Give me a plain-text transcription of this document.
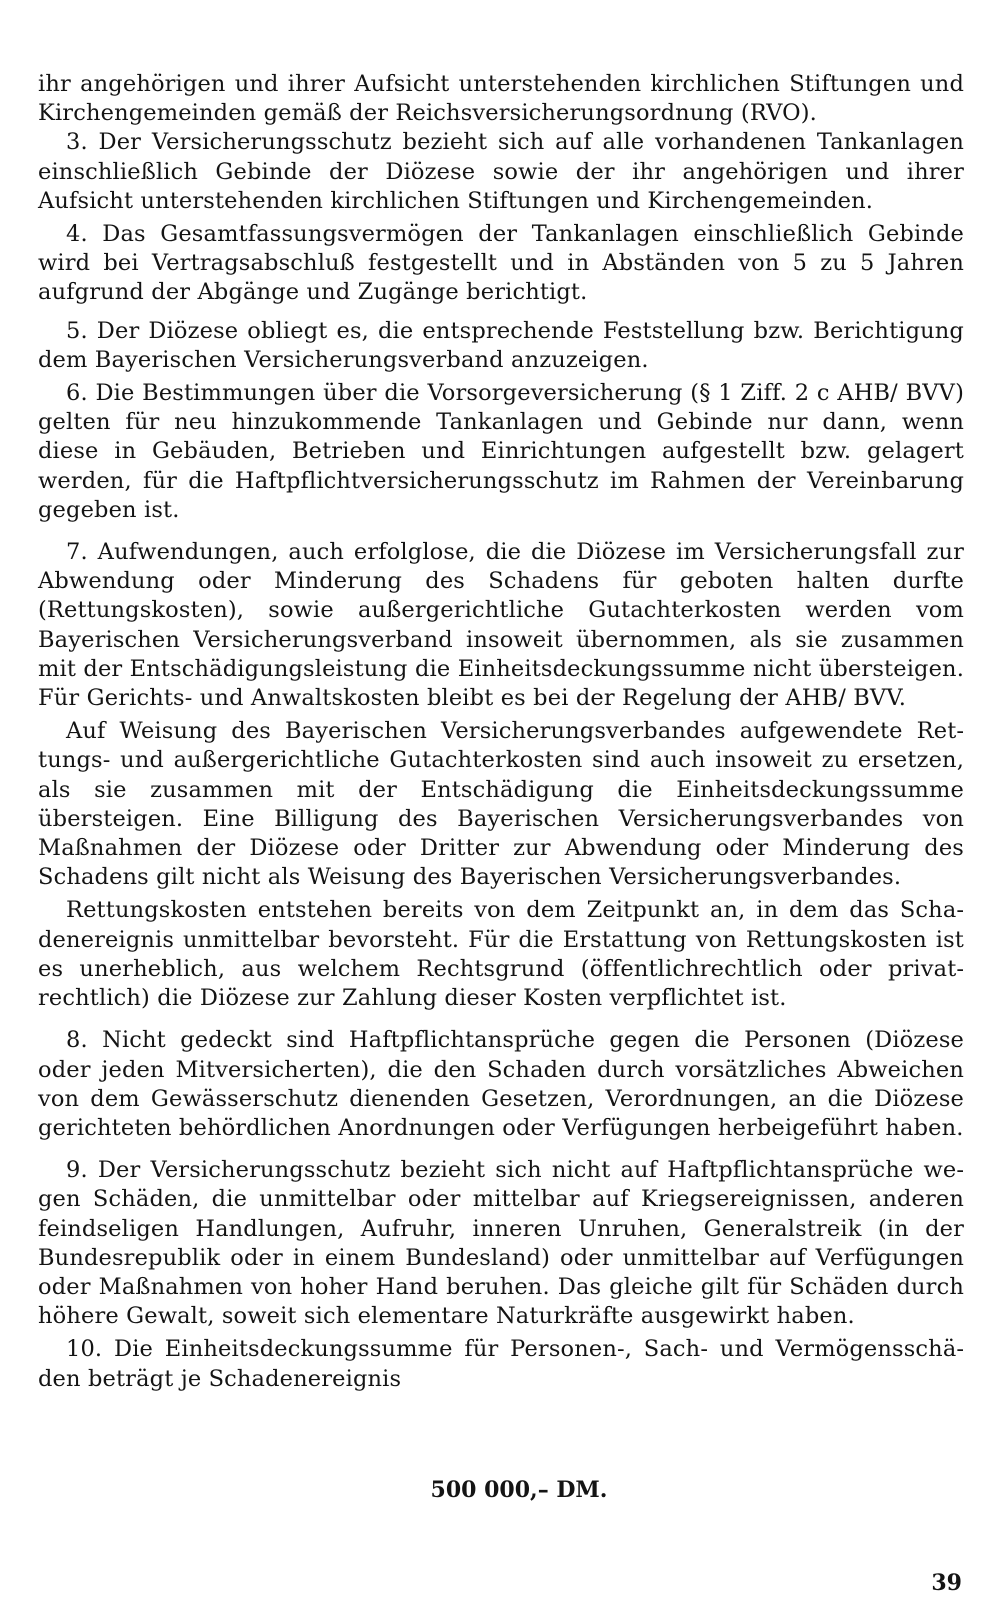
ihr angehörigen und ihrer Aufsicht unterstehenden kirchlichen Stiftungen und Kirchengemeinden gemäß der Reichsversicherungsordnung (RVO).

3. Der Versicherungsschutz bezieht sich auf alle vorhandenen Tankanlagen einschließlich Gebinde der Diözese sowie der ihr angehörigen und ihrer Aufsicht unterstehenden kirchlichen Stiftungen und Kirchengemeinden.

4. Das Gesamtfassungsvermögen der Tankanlagen einschließlich Gebinde wird bei Vertragsabschluß festgestellt und in Abständen von 5 zu 5 Jahren aufgrund der Abgänge und Zugänge berichtigt.

5. Der Diözese obliegt es, die entsprechende Feststellung bzw. Berichtigung dem Bayerischen Versicherungsverband anzuzeigen.

6. Die Bestimmungen über die Vorsorgeversicherung (§ 1 Ziff. 2 c AHB/ BVV) gelten für neu hinzukommende Tankanlagen und Gebinde nur dann, wenn diese in Gebäuden, Betrieben und Einrichtungen aufgestellt bzw. gelagert werden, für die Haftpflichtversicherungsschutz im Rahmen der Vereinbarung gegeben ist.

7. Aufwendungen, auch erfolglose, die die Diözese im Versicherungsfall zur Abwendung oder Minderung des Schadens für geboten halten durfte (Rettungskosten), sowie außergerichtliche Gutachterkosten werden vom Bayerischen Versicherungsverband insoweit übernommen, als sie zusammen mit der Entschädigungsleistung die Einheitsdeckungssumme nicht übersteigen. Für Gerichts- und Anwaltskosten bleibt es bei der Regelung der AHB/ BVV.

Auf Weisung des Bayerischen Versicherungsverbandes aufgewendete Rettungs- und außergerichtliche Gutachterkosten sind auch insoweit zu ersetzen, als sie zusammen mit der Entschädigung die Einheitsdeckungssumme übersteigen. Eine Billigung des Bayerischen Versicherungsverbandes von Maßnahmen der Diözese oder Dritter zur Abwendung oder Minderung des Schadens gilt nicht als Weisung des Bayerischen Versicherungsverbandes.

Rettungskosten entstehen bereits von dem Zeitpunkt an, in dem das Schadenereignis unmittelbar bevorsteht. Für die Erstattung von Rettungskosten ist es unerheblich, aus welchem Rechtsgrund (öffentlichrechtlich oder privatrechtlich) die Diözese zur Zahlung dieser Kosten verpflichtet ist.

8. Nicht gedeckt sind Haftpflichtansprüche gegen die Personen (Diözese oder jeden Mitversicherten), die den Schaden durch vorsätzliches Abweichen von dem Gewässerschutz dienenden Gesetzen, Verordnungen, an die Diözese gerichteten behördlichen Anordnungen oder Verfügungen herbeigeführt haben.

9. Der Versicherungsschutz bezieht sich nicht auf Haftpflichtansprüche wegen Schäden, die unmittelbar oder mittelbar auf Kriegsereignissen, anderen feindseligen Handlungen, Aufruhr, inneren Unruhen, Generalstreik (in der Bundesrepublik oder in einem Bundesland) oder unmittelbar auf Verfügungen oder Maßnahmen von hoher Hand beruhen. Das gleiche gilt für Schäden durch höhere Gewalt, soweit sich elementare Naturkräfte ausgewirkt haben.

10. Die Einheitsdeckungssumme für Personen-, Sach- und Vermögensschäden beträgt je Schadenereignis

500 000,– DM.
39
